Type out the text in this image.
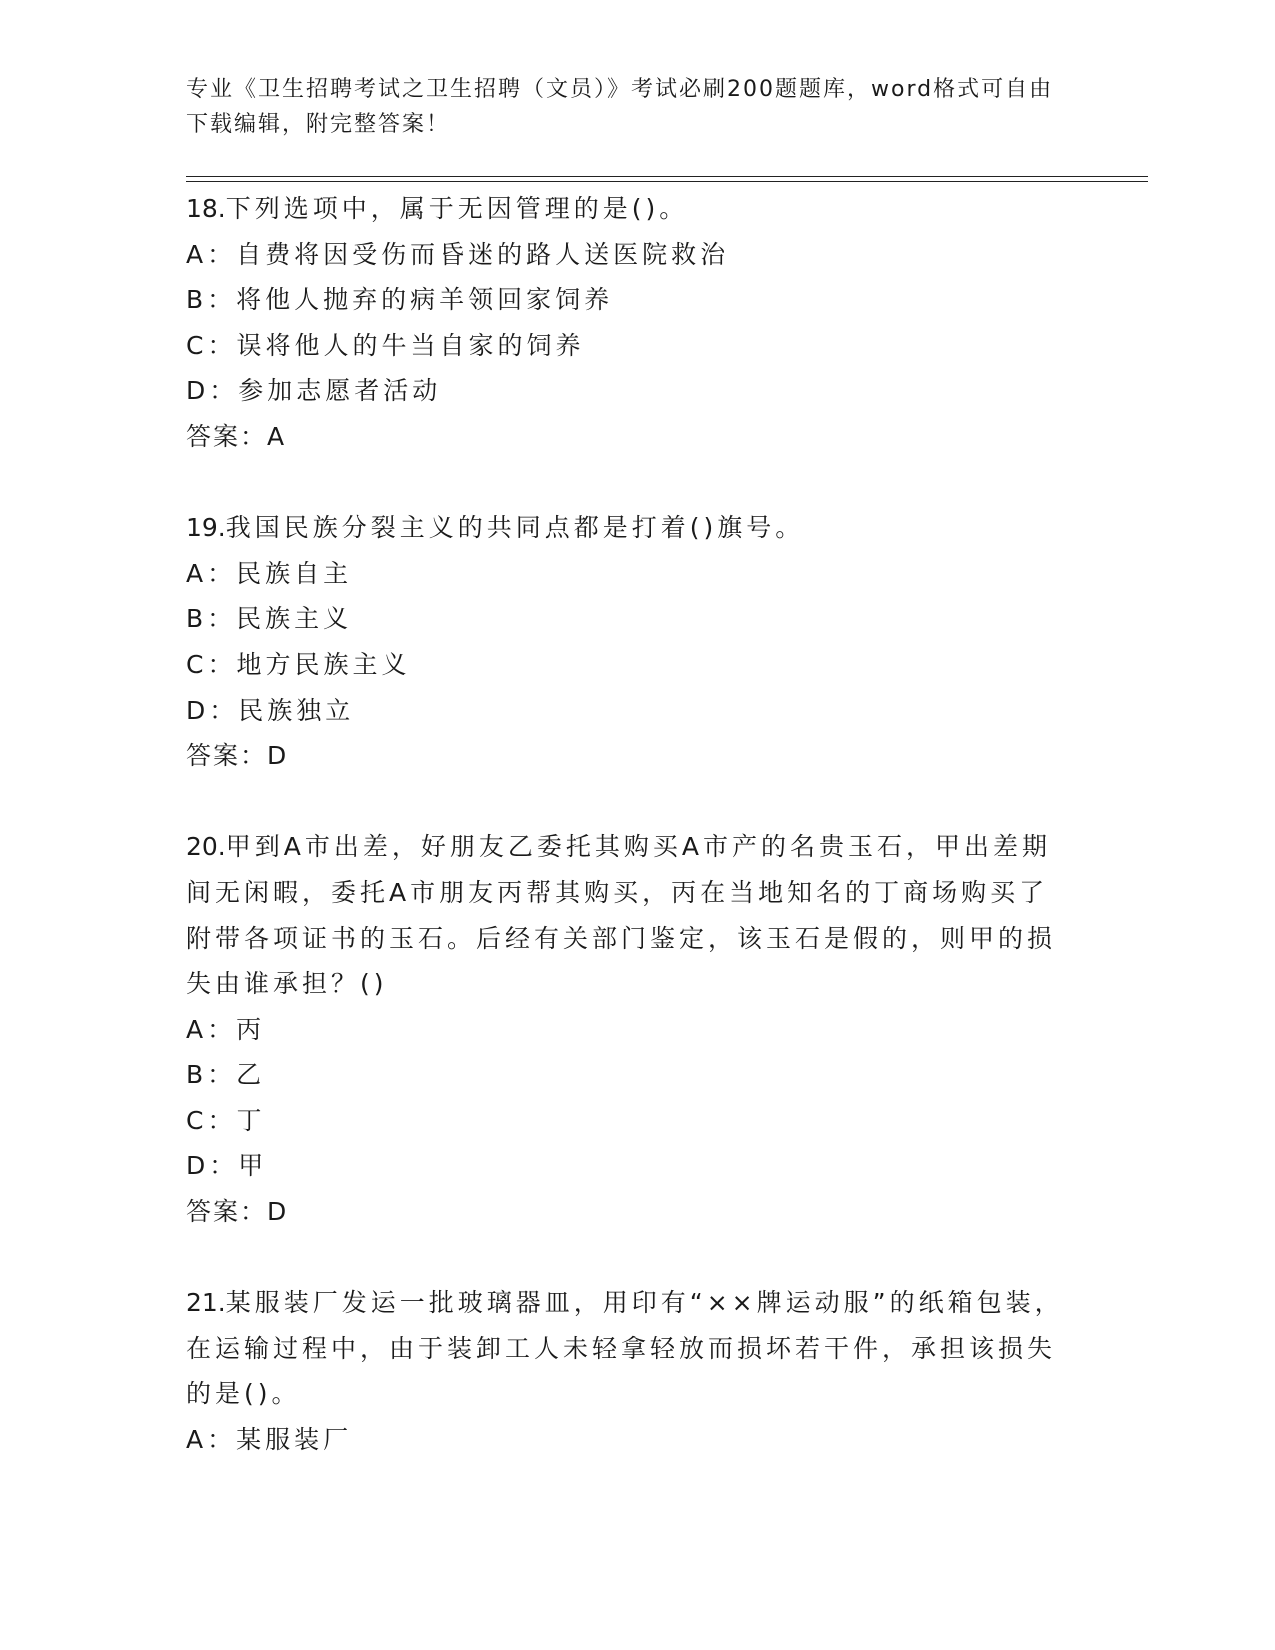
专业《卫生招聘考试之卫生招聘（文员）》考试必刷200题题库，word格式可自由下载编辑，附完整答案！
18.下列选项中，属于无因管理的是()。
A：自费将因受伤而昏迷的路人送医院救治
B：将他人抛弃的病羊领回家饲养
C：误将他人的牛当自家的饲养
D：参加志愿者活动
答案：A
19.我国民族分裂主义的共同点都是打着()旗号。
A：民族自主
B：民族主义
C：地方民族主义
D：民族独立
答案：D
20.甲到A市出差，好朋友乙委托其购买A市产的名贵玉石，甲出差期间无闲暇，委托A市朋友丙帮其购买，丙在当地知名的丁商场购买了附带各项证书的玉石。后经有关部门鉴定，该玉石是假的，则甲的损失由谁承担？()
A：丙
B：乙
C：丁
D：甲
答案：D
21.某服装厂发运一批玻璃器皿，用印有“××牌运动服”的纸箱包装，在运输过程中，由于装卸工人未轻拿轻放而损坏若干件，承担该损失的是()。
A：某服装厂
